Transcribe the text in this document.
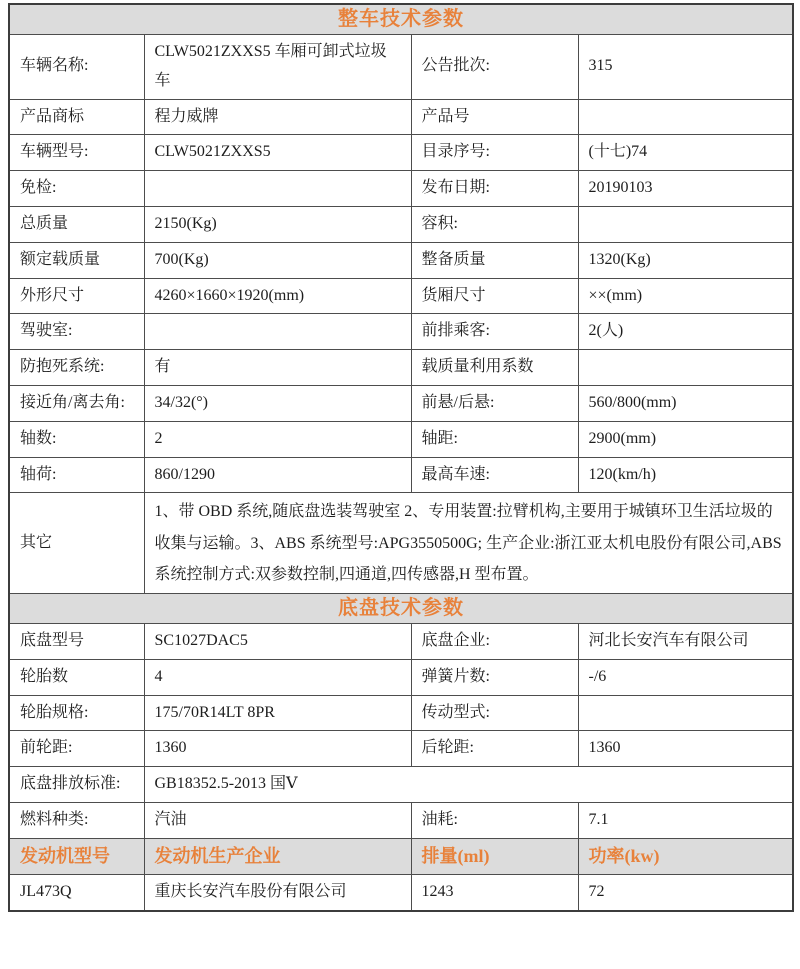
整车技术参数			
车辆名称:	CLW5021ZXXS5 车厢可卸式垃圾车	公告批次:	315
产品商标	程力威牌	产品号	
车辆型号:	CLW5021ZXXS5	目录序号:	(十七)74
免检:		发布日期:	20190103
总质量	2150(Kg)	容积:	
额定载质量	700(Kg)	整备质量	1320(Kg)
外形尺寸	4260×1660×1920(mm)	货厢尺寸	××(mm)
驾驶室:		前排乘客:	2(人)
防抱死系统:	有	载质量利用系数	
接近角/离去角:	34/32(°)	前悬/后悬:	560/800(mm)
轴数:	2	轴距:	2900(mm)
轴荷:	860/1290	最高车速:	120(km/h)
其它	1、带 OBD 系统,随底盘选装驾驶室 2、专用装置:拉臂机构,主要用于城镇环卫生活垃圾的收集与运输。3、ABS 系统型号:APG3550500G; 生产企业:浙江亚太机电股份有限公司,ABS 系统控制方式:双参数控制,四通道,四传感器,H 型布置。		
底盘技术参数			
底盘型号	SC1027DAC5	底盘企业:	河北长安汽车有限公司
轮胎数	4	弹簧片数:	-/6
轮胎规格:	175/70R14LT 8PR	传动型式:	
前轮距:	1360	后轮距:	1360
底盘排放标准:	GB18352.5-2013 国Ⅴ		
燃料种类:	汽油	油耗:	7.1
发动机型号	发动机生产企业	排量(ml)	功率(kw)
JL473Q	重庆长安汽车股份有限公司	1243	72
